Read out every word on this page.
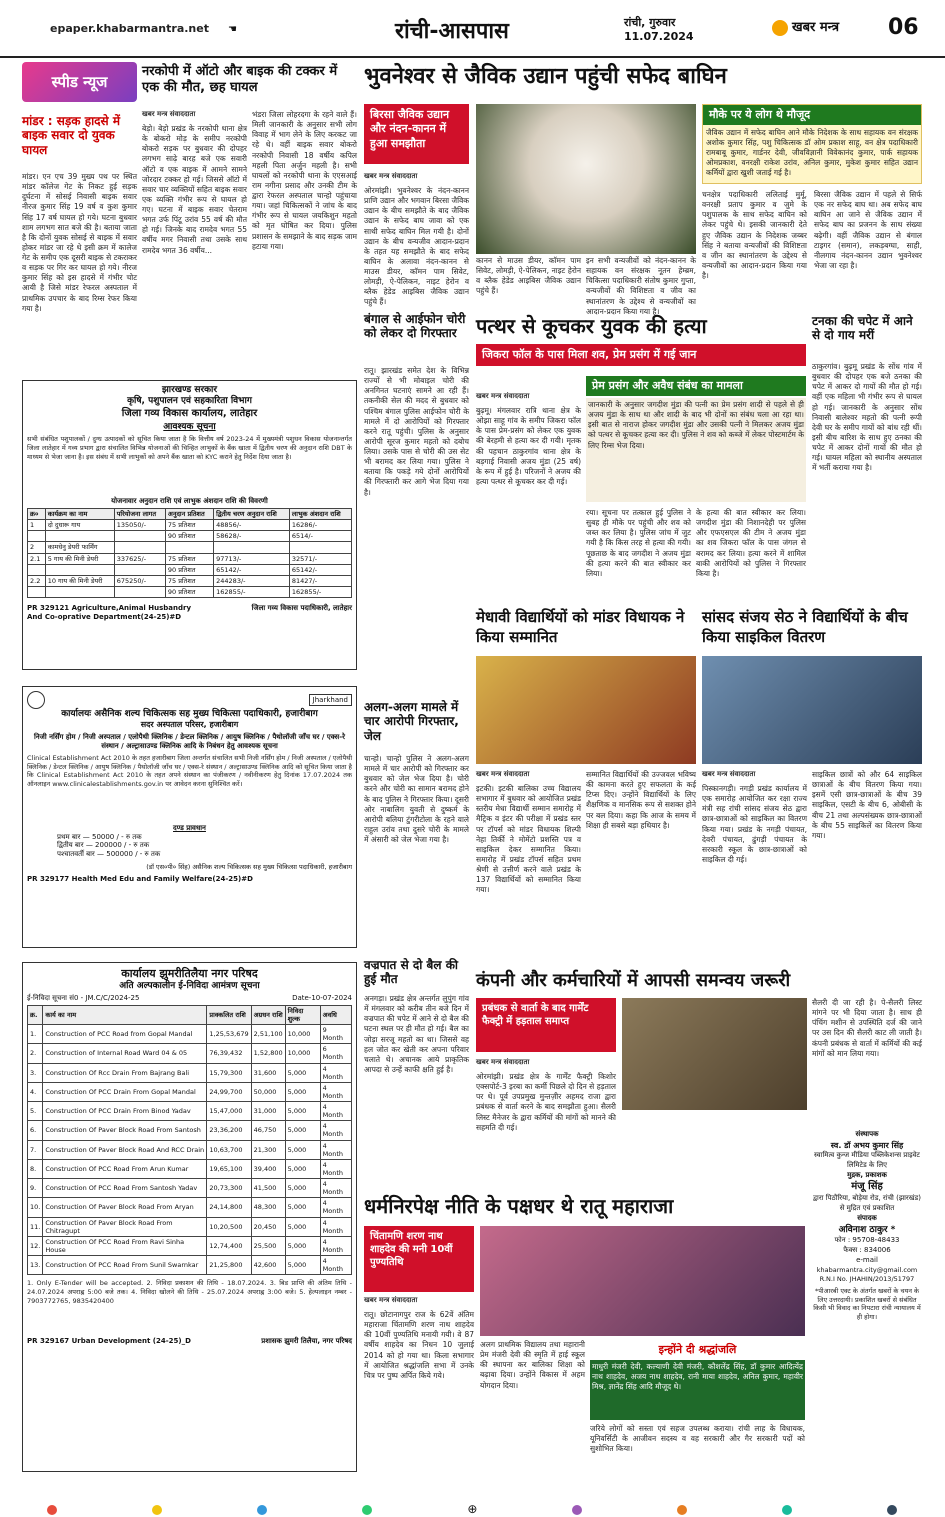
epaper.khabarmantra.net ☚	रांची-आसपास	रांची, गुरुवार
11.07.2024
खबर मन्त्र 06
स्पीड न्यूज
मांडर : सड़क हादसे में बाइक सवार दो युवक घायल
मांडर। एन एच 39 मुख्य पथ पर स्थित मांडर कॉलेज गेट के निकट हुई सड़क दुर्घटना में सोसई निवासी बाइक सवार नीरज कुमार सिंह 19 वर्ष व कुश कुमार सिंह 17 वर्ष घायल हो गये। घटना बुधवार शाम लगभग सात बजे की है। बताया जाता है कि दोनों युवक सोसई से बाइक में सवार होकर मांडर जा रहे थे इसी क्रम में कालेज गेट के समीप एक दूसरी बाइक से टकराकर व सड़क पर गिर कर घायल हो गये। नीरज कुमार सिंह को इस हादसे में गंभीर चोट आयी है जिसे मांडर रेफरल अस्पताल में प्राथमिक उपचार के बाद रिम्स रेफर किया गया है।
नरकोपी में ऑटो और बाइक की टक्कर में एक की मौत, छह घायल
खबर मन्त्र संवाददाता
बेड़ो। बेड़ो प्रखंड के नरकोपी थाना क्षेत्र के बोकरो मोड़ के समीप नरकोपी बोकरो सड़क पर बुधवार की दोपहर लगभग साढ़े बारह बजे एक सवारी ऑटो व एक बाइक में आमने सामने जोरदार टक्कर हो गई। जिससे ऑटो में सवार चार व्यक्तियों सहित बाइक सवार एक व्यक्ति गंभीर रूप से घायल हो गए। घटना में बाइक सवार चेतराम भगत उर्फ पिंटू उरांव 55 वर्ष की मौत हो गई। जिनके बाद रामदेव भगत 55 वर्षीय मगर निवासी तथा उसके साथ रामदेव भगत 36 वर्षीय...
भंडरा जिला लोहरदगा के रहने वाले हैं। मिली जानकारी के अनुसार सभी लोग विवाह में भाग लेने के लिए करकट जा रहे थे। वहीं बाइक सवार बोकरो नरकोपी निवासी 18 वर्षीय कपिल महली पिता अर्जुन महली है। सभी घायलों को नरकोपी थाना के एएसआई राम नगीना प्रसाद और उनकी टीम के द्वारा रेफरल अस्पताल चान्हो पहुंचाया गया। जहां चिकित्सकों ने जांच के बाद गंभीर रूप से घायल जयकिशुन महतो को मृत घोषित कर दिया। पुलिस प्रशासन के समझाने के बाद सड़क जाम हटाया गया।
भुवनेश्वर से जैविक उद्यान पहुंची सफेद बाघिन
बिरसा जैविक उद्यान और नंदन-कानन में हुआ समझौता
खबर मन्त्र संवाददाता
ओरमांझी। भुवनेश्वर के नंदन-कानन प्राणि उद्यान और भगवान बिरसा जैविक उद्यान के बीच समझौते के बाद जैविक उद्यान के सफेद बाघ जावा को एक साथी सफेद बाघिन मिल गयी है। दोनों उद्यान के बीच वन्यजीव आदान-प्रदान के तहत यह समझौते के बाद सफेद बाघिन के अलावा नंदन-कानन से माउस डीयर, कॉमन पाम सिवेट, लोमड़ी, ऐ-पेलिकन, नाइट हेरोन व ब्लैक हेडेड आइबिस जैविक उद्यान पहुंचे हैं।
कानन से माउस डीयर, कॉमन पाम सिवेट, लोमड़ी, ऐ-पेलिकन, नाइट हेरोन व ब्लैक हेडेड आइबिस जैविक उद्यान पहुंचे हैं।
इन सभी वन्यजीवों को नंदन-कानन के सहायक वन संरक्षक नूतन हेम्ब्रम, चिकित्सा पदाधिकारी संतोष कुमार गुप्ता, वन्यजीवों की विशिष्टता व जीव का स्थानांतरण के उद्देश्य से वन्यजीवों का आदान-प्रदान किया गया है।
मौके पर ये लोग थे मौजूद
जैविक उद्यान में सफेद बाघिन आने मौके निदेशक के साथ सहायक वन संरक्षक अशोक कुमार सिंह, पशु चिकित्सक डॉ ओम प्रकाश साहू, वन क्षेत्र पदाधिकारी रामबाबू कुमार, गार्डनर देवी, जीवविज्ञानी विवेकानंद कुमार, पार्क सहायक ओमप्रकाश, वनरक्षी राकेश उरांव, अनिल कुमार, मुकेश कुमार सहित उद्यान कर्मियों द्वारा खुशी जताई गई है।
चनक्षेत्र पदाधिकारी ललिताई मुर्मू, वनरक्षी प्रताप कुमार व जुमे के पशुपालक के साथ सफेद बाघिन को लेकर पहुंचे थे। इसकी जानकारी देते हुए जैविक उद्यान के निदेशक जब्बर सिंह ने बताया वन्यजीवों की विशिष्टता व जीन का स्थानांतरण के उद्देश्य से वन्यजीवों का आदान-प्रदान किया गया है।
बिरसा जैविक उद्यान में पहले से सिर्फ एक नर सफेद बाघ था। अब सफेद बाघ बाघिन आ जाने से जैविक उद्यान में सफेद बाघ का प्रजनन के साथ संख्या बढ़ेगी। वहीं जैविक उद्यान से बंगाल टाइगर (समान), लकड़बग्घा, साही, नीलगाय नंदन-कानन उद्यान भुवनेश्वर भेजा जा रहा है।
झारखण्ड सरकार
कृषि, पशुपालन एवं सहकारिता विभाग
जिला गव्य विकास कार्यालय, लातेहार
आवश्यक सूचना
सभी संबंधित पशुपालकों / दुग्ध उत्पादकों को सूचित किया जाता है कि वित्तीय वर्ष 2023-24 में मुख्यमंत्री पशुधन विकास योजनान्तर्गत जिला लातेहार में गव्य प्रभाग द्वारा संचालित विभिन्न योजनाओं की चिन्हित लाभुकों के बैंक खाता में द्वितीय चरण की अनुदान राशि DBT के माध्यम से भेजा जाना है। इस संबंध में सभी लाभुकों को अपने बैंक खाता को KYC कराने हेतु निर्देश दिया जाता है।
योजनावार अनुदान राशि एवं लाभुक अंशदान राशि की विवरणी
क्र०	कार्यक्रम का नाम	परियोजना लागत	अनुदान प्रतिशत	द्वितीय चरण अनुदान राशि	लाभुक अंशदान राशि
1	दो दुधारू गाय	135050/-	75 प्रतिशत	48856/-	16286/-
			90 प्रतिशत	58628/-	6514/-
2	कामधेनु डेयरी फार्मिंग				
2.1	5 गाय की मिनी डेयरी	337625/-	75 प्रतिशत	97713/-	32571/-
			90 प्रतिशत	65142/-	65142/-
2.2	10 गाय की मिनी डेयरी	675250/-	75 प्रतिशत	244283/-	81427/-
			90 प्रतिशत	162855/-	162855/-
PR 329121 Agriculture,Animal Husbandry And Co-oprative Department(24-25)#D
जिला गव्य विकास पदाधिकारी, लातेहार
Jharkhand
कार्यालयः असैनिक शल्य चिकित्सक सह मुख्य चिकित्सा पदाधिकारी, हजारीबाग
सदर अस्पताल परिसर, हजारीबाग
निजी नर्सिंग होम / निजी अस्पताल / एलोपैथी क्लिनिक / डेन्टल क्लिनिक / आयुष क्लिनिक / पैथोलॉजी जाँच घर / एक्स-रे संस्थान / अल्ट्रासाउण्ड क्लिनिक आदि के निबंधन हेतु आवश्यक सूचना
Clinical Establishment Act 2010 के तहत हजारीबाग जिला अन्तर्गत संचालित सभी निजी नर्सिंग होम / निजी अस्पताल / एलोपैथी क्लिनिक / डेन्टल क्लिनिक / आयुष क्लिनिक / पैथोलॉजी जाँच घर / एक्स-रे संस्थान / अल्ट्रासाउण्ड क्लिनिक आदि को सूचित किया जाता है कि Clinical Establishment Act 2010 के तहत अपने संस्थान का पंजीकरण / नवीनीकरण हेतु दिनांक 17.07.2024 तक ऑनलाइन www.clinicalestablishments.gov.in पर आवेदन करना सुनिश्चित करें।
दण्ड प्रावधान
प्रथम बार — 50000 / - रु तक
द्वितीय बार — 200000 / - रु तक
पश्चातवर्ती बार — 500000 / - रु तक
(डॉ एस०पी० सिंह) असैनिक शल्य चिकित्सक सह मुख्य चिकित्सा पदाधिकारी, हजारीबाग
PR 329177 Health Med Edu and Family Welfare(24-25)#D
कार्यालय झुमरीतिलैया नगर परिषद
अति अल्पकालीन ई-निविदा आमंत्रण सूचना
ई-निविदा सूचना सं0 - JM.C/C/2024-25	Date-10-07-2024
क्र.	कार्य का नाम	प्राक्कलित राशि	अग्रधन राशि	निविदा शुल्क	अवधि
1.	Construction of PCC Road from Gopal Mandal	1,25,53,679	2,51,100	10,000	9 Month
2.	Construction of Internal Road Ward 04 & 05	76,39,432	1,52,800	10,000	6 Month
3.	Construction Of Rcc Drain From Bajrang Bali	15,79,300	31,600	5,000	4 Month
4.	Construction Of PCC Drain From Gopal Mandal	24,99,700	50,000	5,000	4 Month
5.	Construction Of PCC Drain From Binod Yadav	15,47,000	31,000	5,000	4 Month
6.	Construction Of Paver Block Road From Santosh	23,36,200	46,750	5,000	4 Month
7.	Construction Of Paver Block Road And RCC Drain	10,63,700	21,300	5,000	4 Month
8.	Construction Of PCC Road From Arun Kumar	19,65,100	39,400	5,000	4 Month
9.	Construction Of PCC Road From Santosh Yadav	20,73,300	41,500	5,000	4 Month
10.	Construction Of Paver Block Road From Aryan	24,14,800	48,300	5,000	4 Month
11.	Construction Of Paver Block Road From Chitragupt	10,20,500	20,450	5,000	4 Month
12.	Construction Of PCC Road From Ravi Sinha House	12,74,400	25,500	5,000	4 Month
13.	Construction Of PCC Road From Sunil Swarnkar	21,25,800	42,600	5,000	4 Month
1. Only E-Tender will be accepted. 2. निविदा प्रकाशन की तिथि - 18.07.2024. 3. बिड प्राप्ति की अंतिम तिथि - 24.07.2024 अपराह्न 5:00 बजे तक। 4. निविदा खोलने की तिथि - 25.07.2024 अपराह्न 3:00 बजे। 5. हेल्पलाइन नम्बर - 7903772765, 9835420400
PR 329167 Urban Development (24-25)_D	प्रशासक झुमरी तिलैया, नगर परिषद
बंगाल से आईफोन चोरी को लेकर दो गिरफ्तार
रातू। झारखंड समेत देश के विभिन्न राज्यों से भी मोबाइल चोरी की अनगिनत घटनाएं सामने आ रही हैं। तकनीकी सेल की मदद से बुधवार को पश्चिम बंगाल पुलिस आईफोन चोरी के मामले में दो आरोपियों को गिरफ्तार करने रातू पहुंची। पुलिस के अनुसार आरोपी सूरज कुमार महतो को दबोच लिया। उसके पास से चोरी की उस सेट भी बरामद कर लिया गया। पुलिस ने बताया कि पकड़े गये दोनों आरोपियों की गिरफ्तारी कर आगे भेज दिया गया है।
पत्थर से कूचकर युवक की हत्या
जिकरा फॉल के पास मिला शव, प्रेम प्रसंग में गई जान
खबर मन्त्र संवाददाता
प्रेम प्रसंग और अवैध संबंध का मामला
बुढ़मू। मंगलवार रात्रि थाना क्षेत्र के ओझा साहू गांव के समीप जिकरा फॉल के पास प्रेम-प्रसंग को लेकर एक युवक की बेरहमी से हत्या कर दी गयी। मृतक की पहचान ठाकुरगांव थाना क्षेत्र के बड़गाई निवासी अजय मुंडा (25 वर्ष) के रूप में हुई है। परिजनों ने अजय की हत्या पत्थर से कूचकर कर दी गई।
जानकारी के अनुसार जगदीश मुंडा की पत्नी का प्रेम प्रसंग शादी से पहले से ही अजय मुंडा के साथ था और शादी के बाद भी दोनों का संबंध चला आ रहा था। इसी बात से नाराज होकर जगदीश मुंडा और उसकी पत्नी ने मिलकर अजय मुंडा को पत्थर से कूचकर हत्या कर दी। पुलिस ने शव को कब्जे में लेकर पोस्टमार्टम के लिए रिम्स भेज दिया।
रया। सूचना पर तत्काल हुई पुलिस ने सुबह ही मौके पर पहुंची और शव को जब्त कर लिया है। पुलिस जांच में जुट गयी है कि किस तरह से हत्या की गयी। पूछताछ के बाद जगदीश ने अजय मुंडा की हत्या करने की बात स्वीकार कर लिया।
के हत्या की बात स्वीकार कर लिया। जगदीश मुंडा की निशानदेही पर पुलिस और एफएसएल की टीम ने अजय मुंडा का शव जिकरा फॉल के पास जंगल से बरामद कर लिया। हत्या करने में शामिल बाकी आरोपियों को पुलिस ने गिरफ्तार किया है।
टनका की चपेट में आने से दो गाय मरीं
ठाकुरगांव। बुढ़मू प्रखंड के सोंध गांव में बुधवार की दोपहर एक बजे ठनका की चपेट में आकर दो गायों की मौत हो गई। वहीं एक महिला भी गंभीर रूप से घायल हो गई। जानकारी के अनुसार सोंध निवासी बालेश्वर महतो की पत्नी रूपी देवी घर के समीप गायों को बांध रही थीं। इसी बीच बारिश के साथ हुए ठनका की चपेट में आकर दोनों गायों की मौत हो गई। घायल महिला को स्थानीय अस्पताल में भर्ती कराया गया है।
मेधावी विद्यार्थियों को मांडर विधायक ने किया सम्मानित
खबर मन्त्र संवाददाता
इटकी। इटकी बालिका उच्च विद्यालय सभागार में बुधवार को आयोजित प्रखंड स्तरीय मेधा विद्यार्थी सम्मान समारोह में मैट्रिक व इंटर की परीक्षा में प्रखंड स्तर पर टॉपर्स को मांडर विधायक शिल्पी नेहा तिर्की ने मोमेंटो प्रशस्ति पत्र व साइकिल देकर सम्मानित किया। समारोह में प्रखंड टॉपर्स सहित प्रथम श्रेणी से उत्तीर्ण करने वाले प्रखंड के 137 विद्यार्थियों को सम्मानित किया गया।
सम्मानित विद्यार्थियों की उज्जवल भविष्य की कामना करते हुए सफलता के कई टिप्स दिए। उन्होंने विद्यार्थियों के लिए शैक्षणिक व मानसिक रूप से सशक्त होने पर बल दिया। कहा कि आज के समय में शिक्षा ही सबसे बड़ा हथियार है।
सांसद संजय सेठ ने विद्यार्थियों के बीच किया साइकिल वितरण
खबर मन्त्र संवाददाता
पिस्कानगड़ी। नगड़ी प्रखंड कार्यालय में एक समारोह आयोजित कर रक्षा राज्य मंत्री सह रांची सांसद संजय सेठ द्वारा छात्र-छात्राओं को साइकिल का वितरण किया गया। प्रखंड के नगड़ी पंचायत, देवरी पंचायत, ढुंगड़ी पंचायत के सरकारी स्कूल के छात्र-छात्राओं को साइकिल दी गई।
साइकिल छात्रों को और 64 साइकिल छात्राओं के बीच वितरण किया गया। इसमें एसी छात्र-छात्राओं के बीच 39 साइकिल, एसटी के बीच 6, ओबीसी के बीच 21 तथा अल्पसंख्यक छात्र-छात्राओं के बीच 55 साइकिलें का वितरण किया गया।
अलग-अलग मामले में चार आरोपी गिरफ्तार, जेल
चान्हो। चान्हो पुलिस ने अलग-अलग मामले में चार आरोपी को गिरफ्तार कर बुधवार को जेल भेज दिया है। चोरी करने और चोरी का सामान बरामद होने के बाद पुलिस ने गिरफ्तार किया। दूसरी ओर नाबालिग युवती से दुष्कर्म के आरोपी बलिया टुंगरीटोला के रहने वाले राहुल उरांव तथा दुसरे चोरी के मामले में अंसारी को जेल भेजा गया है।
वज्रपात से दो बैल की हुई मौत
अनगड़ा। प्रखंड क्षेत्र अन्तर्गत लुपुंग गांव में मंगलवार को करीब तीन बजे दिन में वज्रपात की चपेट में आने से दो बैल की घटना स्थल पर ही मौत हो गई। बैल का जोड़ा सरजू महतो का था। जिससे वह हल जोत कर खेती कर अपना परिवार चलाते थे। अचानक आये प्राकृतिक आपदा से उन्हें काफी क्षति हुई है।
कंपनी और कर्मचारियों में आपसी समन्वय जरूरी
प्रबंधक से वार्ता के बाद गार्मेंट फैक्ट्री में हड़ताल समाप्त
खबर मन्त्र संवाददाता
ओरमांझी। प्रखंड क्षेत्र के गार्मेंट फैक्ट्री किशोर एक्सपोर्ट-3 इरबा का कर्मी पिछले दो दिन से हड़ताल पर थे। पूर्व उपप्रमुख मुन्तज़ीर अहमद राजा द्वारा प्रबंधक से वार्ता करने के बाद समझौता हुआ। सैलरी लिस्ट मैनेजर के द्वारा कर्मियों की मांगों को मानने की सहमति दी गई।
सैलरी दी जा रही है। पे-सैलरी लिस्ट मांगने पर भी दिया जाता है। साथ ही पंचिंग मशीन से उपस्थिति दर्ज की जाने पर उस दिन की सैलरी काट ली जाती है। कंपनी प्रबंधक से वार्ता में कर्मियों की कई मांगों को मान लिया गया।
संस्थापक
स्व. डॉ अभय कुमार सिंह
स्वामित्व कुन्ज मीडिया पब्लिकेशन्स प्राइवेट लिमिटेड के लिए
मुद्रक, प्रकाशक
मंजू सिंह
द्वारा पिठौरिया, बोड़ेया रोड, रांची (झारखंड) से मुद्रित एवं प्रकाशित
संपादक
अविनाश ठाकुर *
फोन : 95708-48433
फैक्स : 834006
e-mail
khabarmantra.city@gmail.com
R.N.I No. JHAHIN/2013/51797
*पीआरबी एक्ट के अंतर्गत खबरों के चयन के लिए उत्तरदायी। प्रकाशित खबरों से संबंधित किसी भी विवाद का निपटारा रांची न्यायालय में ही होगा।
धर्मनिरपेक्ष नीति के पक्षधर थे रातू महाराजा
चिंतामणि शरण नाथ शाहदेव की मनी 10वीं पुण्यतिथि
खबर मन्त्र संवाददाता
रातू। छोटानागपुर राज के 62वें अंतिम महाराजा चिंतामणि शरण नाथ शाहदेव की 10वीं पुण्यतिथि मनायी गयी। वे 87 वर्षीय शाहदेव का निधन 10 जुलाई 2014 को हो गया था। किला सभागार में आयोजित श्रद्धांजलि सभा में उनके चित्र पर पुष्प अर्पित किये गये।
अलग प्राथमिक विद्यालय तथा महारानी प्रेम मंजरी देवी की स्मृति में हाई स्कूल की स्थापना कर बालिका शिक्षा को बढ़ावा दिया। उन्होंने विकास में अहम योगदान दिया।
इन्होंने दी श्रद्धांजलि
माधुरी मंजरी देवी, कल्याणी देवी मंजरी, कौशलेंद्र सिंह, डॉ कुमार आदित्येंद्र नाथ शाहदेव, अजय नाथ शाहदेव, रानी माया शाहदेव, अनिल कुमार, महावीर मिश्र, ज्ञानेंद्र सिंह आदि मौजूद थे।
जरिये लोगों को सस्ता एवं सहज उपलब्ध कराया। रांची लाह के विधायक, यूनिवर्सिटी के आजीवन सदस्य व वह सरकारी और गैर सरकारी पदों को सुशोभित किया।
⊕
